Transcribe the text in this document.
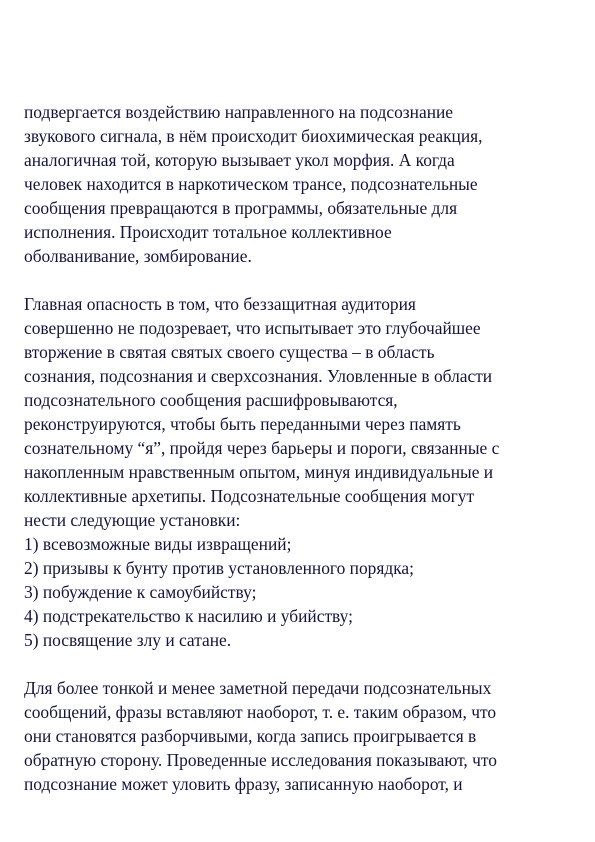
подвергается воздействию направленного на подсознание
звукового сигнала, в нём происходит биохимическая реакция,
аналогичная той, которую вызывает укол морфия. А когда
человек находится в наркотическом трансе, подсознательные
сообщения превращаются в программы, обязательные для
исполнения. Происходит тотальное коллективное
оболванивание, зомбирование.

Главная опасность в том, что беззащитная аудитория
совершенно не подозревает, что испытывает это глубочайшее
вторжение в святая святых своего существа – в область
сознания, подсознания и сверхсознания. Уловленные в области
подсознательного сообщения расшифровываются,
реконструируются, чтобы быть переданными через память
сознательному “я”, пройдя через барьеры и пороги, связанные с
накопленным нравственным опытом, минуя индивидуальные и
коллективные архетипы. Подсознательные сообщения могут
нести следующие установки:
1) всевозможные виды извращений;
2) призывы к бунту против установленного порядка;
3) побуждение к самоубийству;
4) подстрекательство к насилию и убийству;
5) посвящение злу и сатане.

Для более тонкой и менее заметной передачи подсознательных
сообщений, фразы вставляют наоборот, т. е. таким образом, что
они становятся разборчивыми, когда запись проигрывается в
обратную сторону. Проведенные исследования показывают, что
подсознание может уловить фразу, записанную наоборот, и
